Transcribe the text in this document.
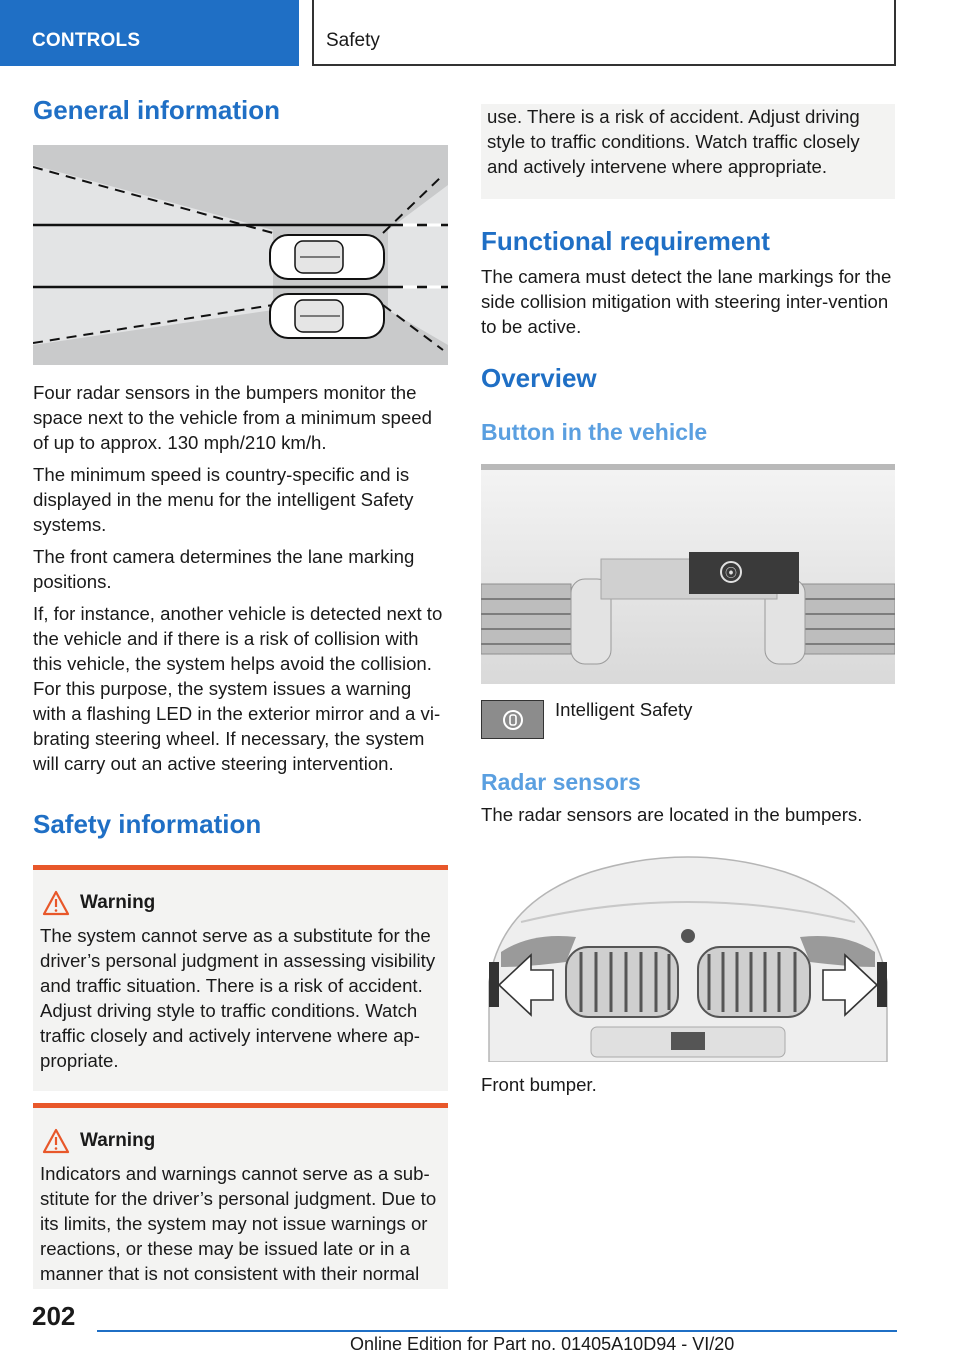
CONTROLS	Safety
General information

Four radar sensors in the bumpers monitor the space next to the vehicle from a minimum speed of up to approx. 130 mph/210 km/h.

The minimum speed is country-specific and is displayed in the menu for the intelligent Safety systems.

The front camera determines the lane marking positions.

If, for instance, another vehicle is detected next to the vehicle and if there is a risk of collision with this vehicle, the system helps avoid the collision. For this purpose, the system issues a warning with a flashing LED in the exterior mirror and a vi-brating steering wheel. If necessary, the system will carry out an active steering intervention.

Safety information
Warning

The system cannot serve as a substitute for the driver’s personal judgment in assessing visibility and traffic situation. There is a risk of accident. Adjust driving style to traffic conditions. Watch traffic closely and actively intervene where ap-propriate.

Warning

Indicators and warnings cannot serve as a sub-stitute for the driver’s personal judgment. Due to its limits, the system may not issue warnings or reactions, or these may be issued late or in a manner that is not consistent with their normal

use. There is a risk of accident. Adjust driving style to traffic conditions. Watch traffic closely and actively intervene where appropriate.

Functional requirement

The camera must detect the lane markings for the side collision mitigation with steering inter-vention to be active.

Overview
Button in the vehicle
⦿
Intelligent Safety
Radar sensors

The radar sensors are located in the bumpers.

Front bumper.

202
Online Edition for Part no. 01405A10D94 - VI/20
